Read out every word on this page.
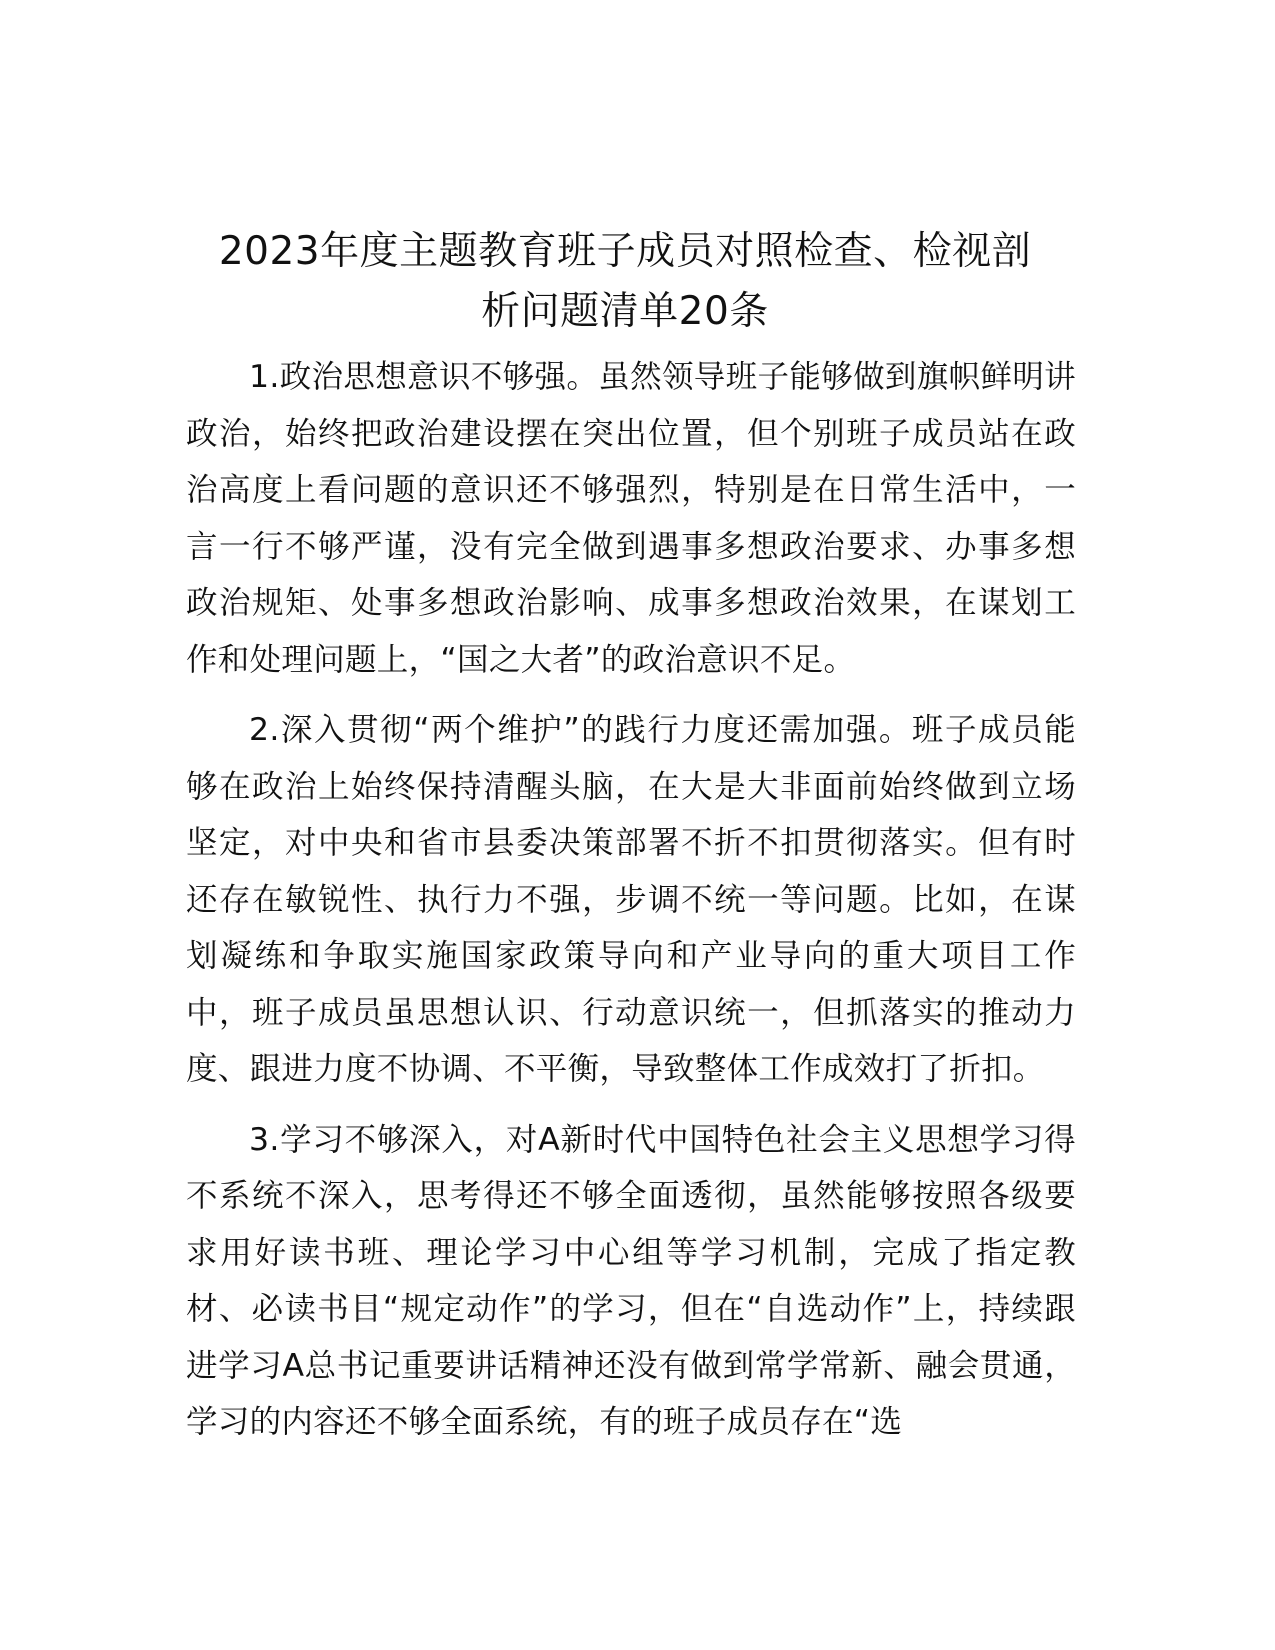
2023年度主题教育班子成员对照检查、检视剖
析问题清单20条

1.政治思想意识不够强。虽然领导班子能够做到旗帜鲜明讲政治，始终把政治建设摆在突出位置，但个别班子成员站在政治高度上看问题的意识还不够强烈，特别是在日常生活中，一言一行不够严谨，没有完全做到遇事多想政治要求、办事多想政治规矩、处事多想政治影响、成事多想政治效果，在谋划工作和处理问题上，“国之大者”的政治意识不足。

2.深入贯彻“两个维护”的践行力度还需加强。班子成员能够在政治上始终保持清醒头脑，在大是大非面前始终做到立场坚定，对中央和省市县委决策部署不折不扣贯彻落实。但有时还存在敏锐性、执行力不强，步调不统一等问题。比如，在谋划凝练和争取实施国家政策导向和产业导向的重大项目工作中，班子成员虽思想认识、行动意识统一，但抓落实的推动力度、跟进力度不协调、不平衡，导致整体工作成效打了折扣。

3.学习不够深入，对A新时代中国特色社会主义思想学习得不系统不深入，思考得还不够全面透彻，虽然能够按照各级要求用好读书班、理论学习中心组等学习机制，完成了指定教材、必读书目“规定动作”的学习，但在“自选动作”上，持续跟进学习A总书记重要讲话精神还没有做到常学常新、融会贯通，学习的内容还不够全面系统，有的班子成员存在“选
